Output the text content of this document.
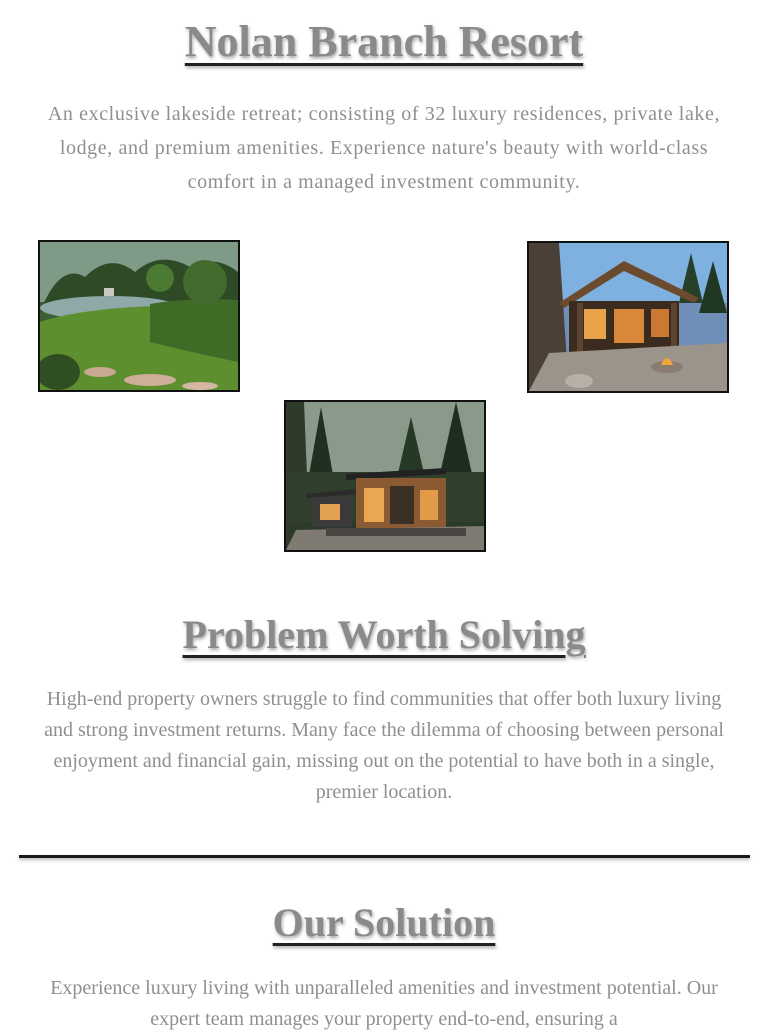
Nolan Branch Resort

An exclusive lakeside retreat; consisting of 32 luxury residences, private lake, lodge, and premium amenities. Experience nature's beauty with world-class comfort in a managed investment community.

Problem Worth Solving

High-end property owners struggle to find communities that offer both luxury living and strong investment returns. Many face the dilemma of choosing between personal enjoyment and financial gain, missing out on the potential to have both in a single, premier location.

Our Solution

Experience luxury living with unparalleled amenities and investment potential. Our expert team manages your property end-to-end, ensuring a
